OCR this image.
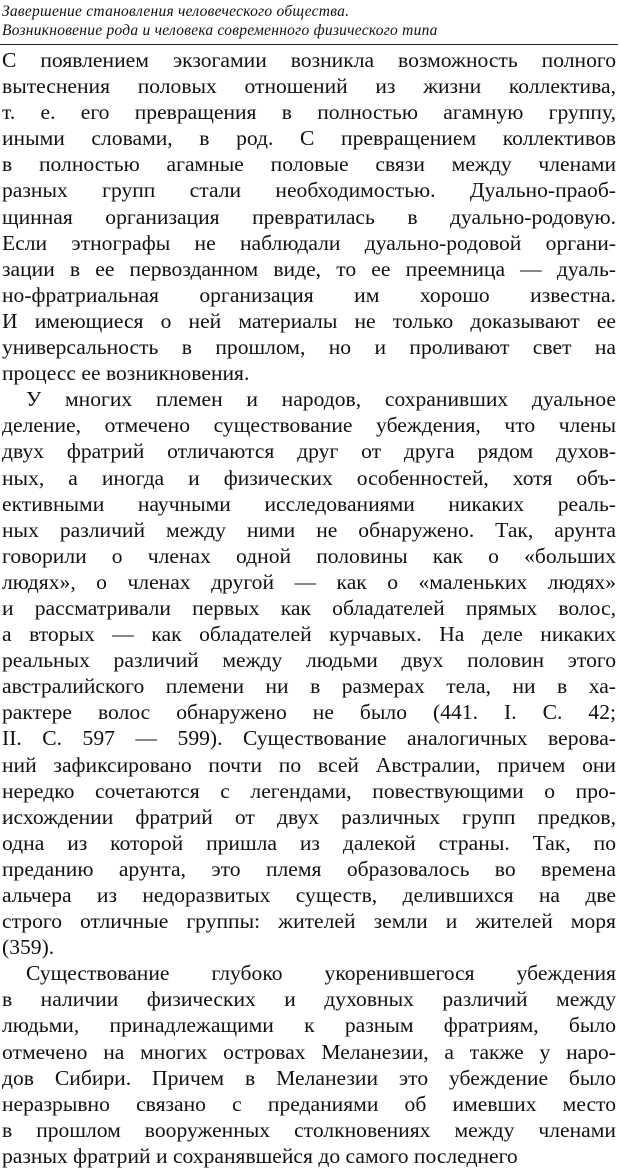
Завершение становления человеческого общества.
Возникновение рода и человека современного физического типа
С появлением экзогамии возникла возможность полного
вытеснения половых отношений из жизни коллектива,
т. е. его превращения в полностью агамную группу,
иными словами, в род. С превращением коллективов
в полностью агамные половые связи между членами
разных групп стали необходимостью. Дуально-праоб-
щинная организация превратилась в дуально-родовую.
Если этнографы не наблюдали дуально-родовой органи-
зации в ее первозданном виде, то ее преемница — дуаль-
но-фратриальная организация им хорошо известна.
И имеющиеся о ней материалы не только доказывают ее
универсальность в прошлом, но и проливают свет на
процесс ее возникновения.
У многих племен и народов, сохранивших дуальное
деление, отмечено существование убеждения, что члены
двух фратрий отличаются друг от друга рядом духов-
ных, а иногда и физических особенностей, хотя объ-
ективными научными исследованиями никаких реаль-
ных различий между ними не обнаружено. Так, арунта
говорили о членах одной половины как о «больших
людях», о членах другой — как о «маленьких людях»
и рассматривали первых как обладателей прямых волос,
а вторых — как обладателей курчавых. На деле никаких
реальных различий между людьми двух половин этого
австралийского племени ни в размерах тела, ни в ха-
рактере волос обнаружено не было (441. I. С. 42;
II. С. 597 — 599). Существование аналогичных верова-
ний зафиксировано почти по всей Австралии, причем они
нередко сочетаются с легендами, повествующими о про-
исхождении фратрий от двух различных групп предков,
одна из которой пришла из далекой страны. Так, по
преданию арунта, это племя образовалось во времена
альчера из недоразвитых существ, делившихся на две
строго отличные группы: жителей земли и жителей моря
(359).
Существование глубоко укоренившегося убеждения
в наличии физических и духовных различий между
людьми, принадлежащими к разным фратриям, было
отмечено на многих островах Меланезии, а также у наро-
дов Сибири. Причем в Меланезии это убеждение было
неразрывно связано с преданиями об имевших место
в прошлом вооруженных столкновениях между членами
разных фратрий и сохранявшейся до самого последнего
